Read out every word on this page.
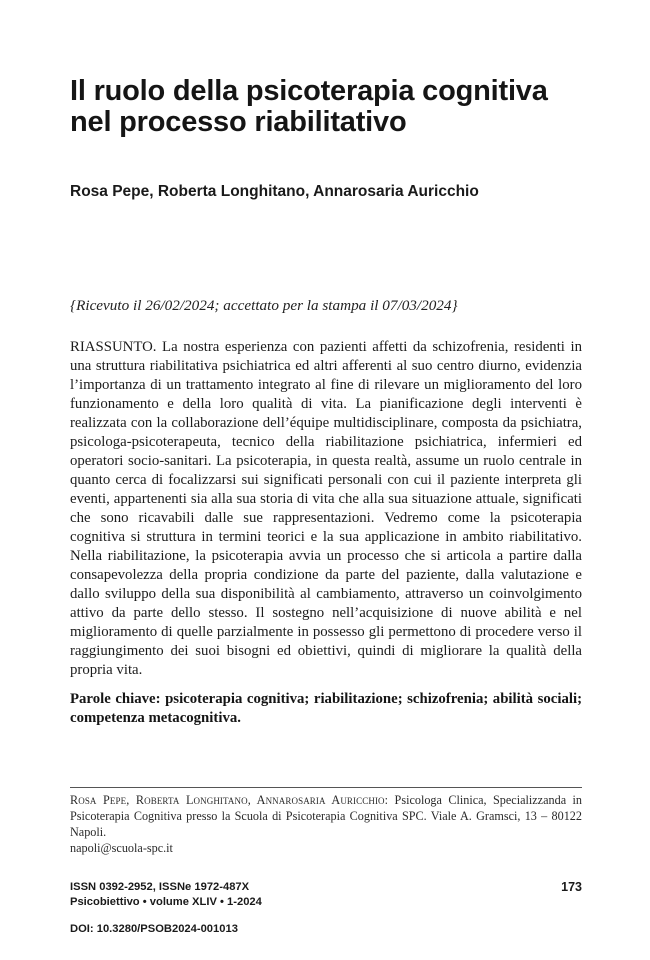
Il ruolo della psicoterapia cognitiva nel processo riabilitativo

Rosa Pepe, Roberta Longhitano, Annarosaria Auricchio

{Ricevuto il 26/02/2024; accettato per la stampa il 07/03/2024}

RIASSUNTO. La nostra esperienza con pazienti affetti da schizofrenia, residenti in una struttura riabilitativa psichiatrica ed altri afferenti al suo centro diurno, evidenzia l’importanza di un trattamento integrato al fine di rilevare un miglioramento del loro funzionamento e della loro qualità di vita. La pianificazione degli interventi è realizzata con la collaborazione dell’équipe multidisciplinare, composta da psichiatra, psicologa-psicoterapeuta, tecnico della riabilitazione psichiatrica, infermieri ed operatori socio-sanitari. La psicoterapia, in questa realtà, assume un ruolo centrale in quanto cerca di focalizzarsi sui significati personali con cui il paziente interpreta gli eventi, appartenenti sia alla sua storia di vita che alla sua situazione attuale, significati che sono ricavabili dalle sue rappresentazioni. Vedremo come la psicoterapia cognitiva si struttura in termini teorici e la sua applicazione in ambito riabilitativo. Nella riabilitazione, la psicoterapia avvia un processo che si articola a partire dalla consapevolezza della propria condizione da parte del paziente, dalla valutazione e dallo sviluppo della sua disponibilità al cambiamento, attraverso un coinvolgimento attivo da parte dello stesso. Il sostegno nell’acquisizione di nuove abilità e nel miglioramento di quelle parzialmente in possesso gli permettono di procedere verso il raggiungimento dei suoi bisogni ed obiettivi, quindi di migliorare la qualità della propria vita.

Parole chiave: psicoterapia cognitiva; riabilitazione; schizofrenia; abilità sociali; competenza metacognitiva.

Rosa Pepe, Roberta Longhitano, Annarosaria Auricchio: Psicologa Clinica, Specializzanda in Psicoterapia Cognitiva presso la Scuola di Psicoterapia Cognitiva SPC. Viale A. Gramsci, 13 – 80122 Napoli.
napoli@scuola-spc.it

ISSN 0392-2952, ISSNe 1972-487X

Psicobiettivo • volume XLIV • 1-2024

173

DOI: 10.3280/PSOB2024-001013
